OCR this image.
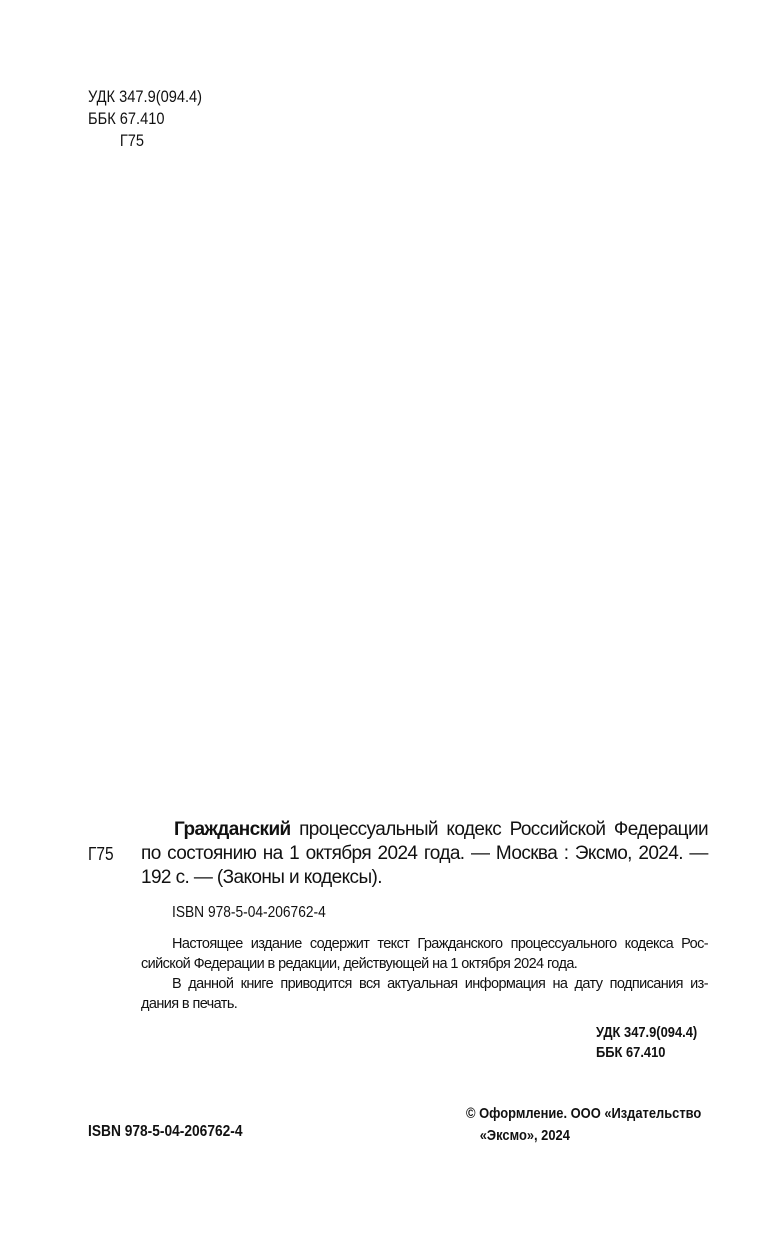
УДК 347.9(094.4)
ББК 67.410
Г75
Г75
Гражданский процессуальный кодекс Российской Федерации
по состоянию на 1 октября 2024 года. — Москва : Эксмо, 2024. —
192 с. — (Законы и кодексы).
ISBN 978-5-04-206762-4
Настоящее издание содержит текст Гражданского процессуального кодекса Рос-
сийской Федерации в редакции, действующей на 1 октября 2024 года.
В данной книге приводится вся актуальная информация на дату подписания из-
дания в печать.
УДК 347.9(094.4)
ББК 67.410
ISBN 978-5-04-206762-4
© Оформление. ООО «Издательство
«Эксмо», 2024
